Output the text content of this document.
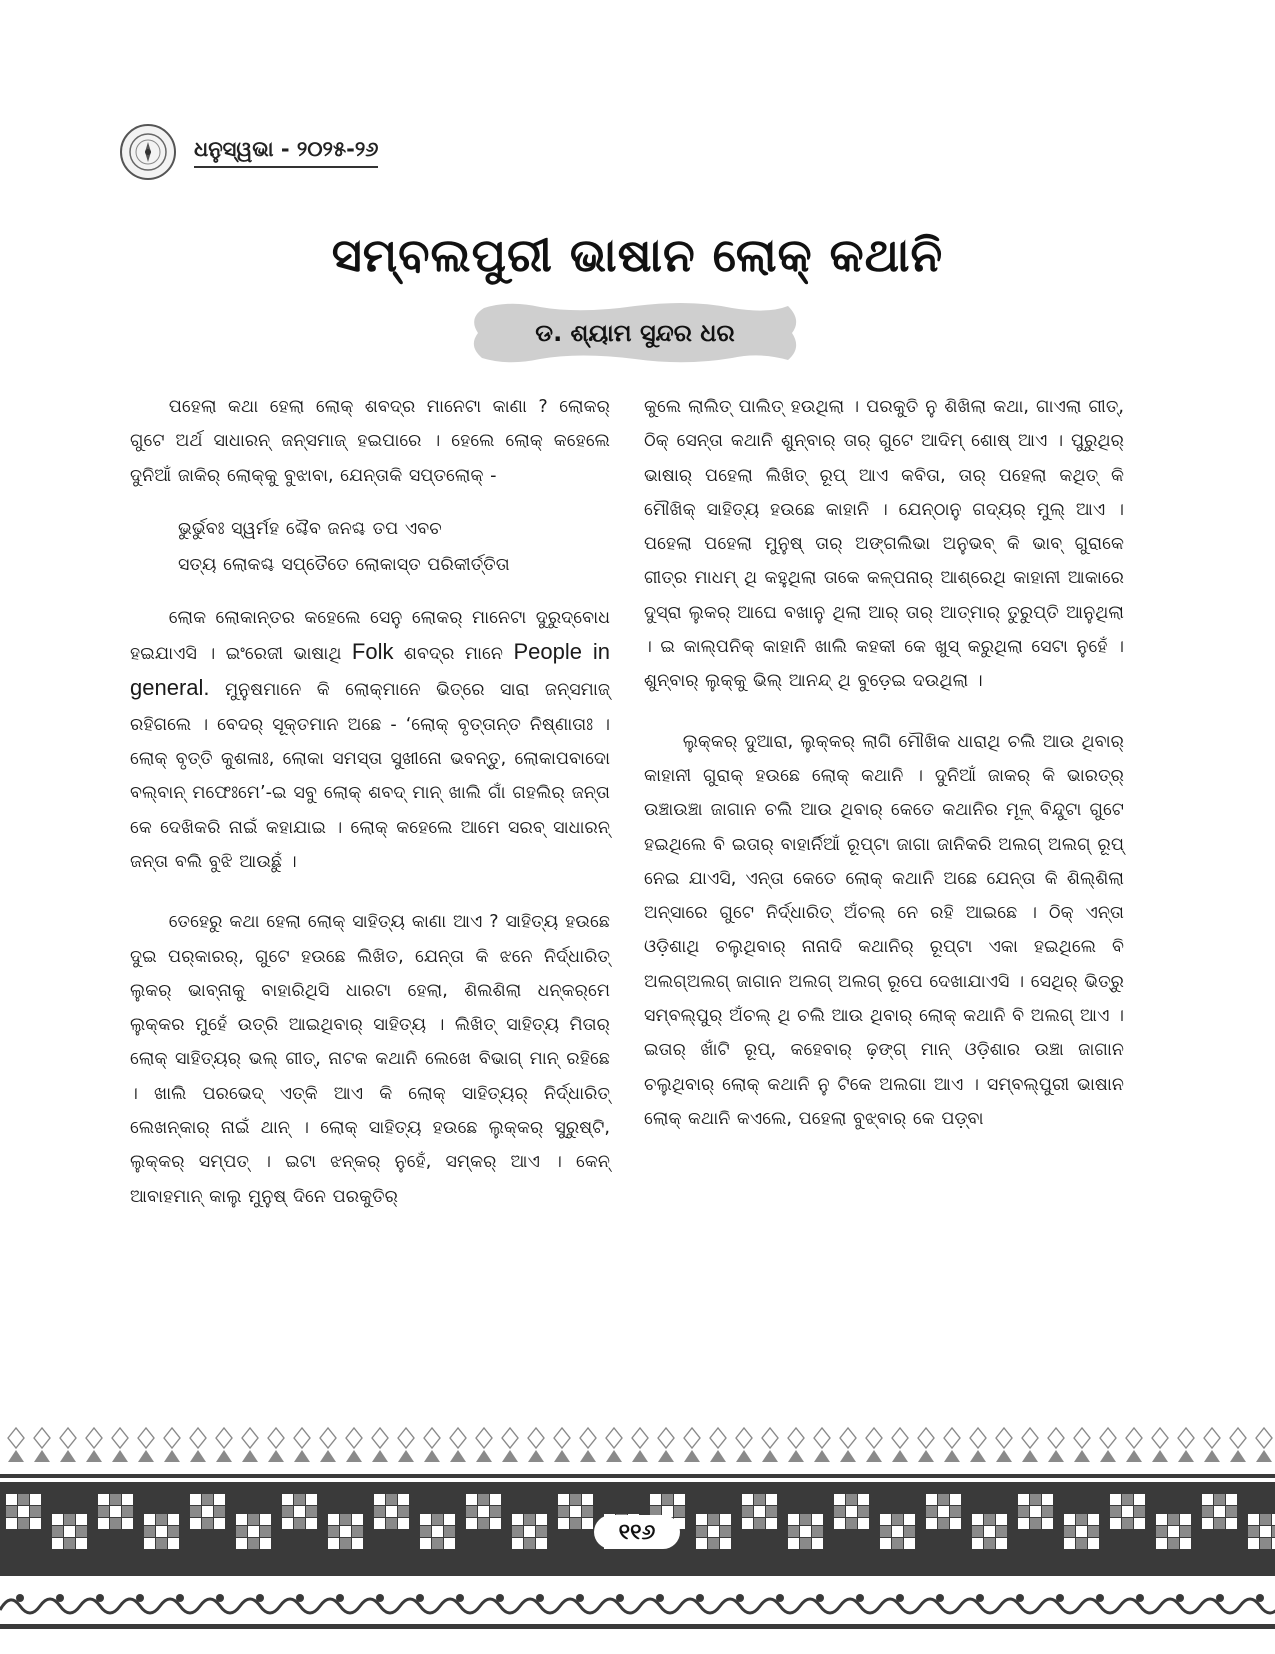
ଧନୁସ୍ୱଭା - ୨୦୨୫-୨୬
ସମ୍ବଲପୁରୀ ଭାଷାନ ଲୋକ୍ କଥାନି
ଡ. ଶ୍ୟାମ ସୁନ୍ଦର ଧର

ପହେଲା କଥା ହେଲା ଲୋକ୍ ଶବଦ୍‌ର ମାନେଟା କାଣା ? ଲୋକର୍ ଗୁଟେ ଅର୍ଥ ସାଧାରନ୍ ଜନ୍‌ସମାଜ୍ ହଇପାରେ । ହେଲେ ଲୋକ୍ କହେଲେ ଦୁନିଆଁ ଜାକିର୍ ଲୋକ୍‌କୁ ବୁଝାବା, ଯେନ୍ତାକି ସପ୍ତଲୋକ୍ -

ଭୁର୍ଭୁବଃ ସ୍ୱର୍ମହ ଶ୍ଚୈବ ଜନଶ୍ଚ ତପ ଏବଚ
ସତ୍ୟ ଲୋକଶ୍ଚ ସପ୍ତୈତେ ଲୋକାସ୍ତ ପରିକୀର୍ତ୍ତିତା

ଲୋକ ଲୋକାନ୍ତର କହେଲେ ସେନୁ ଲୋକର୍ ମାନେଟା ଦୁରୁଦ୍‌ବୋଧ ହଇଯାଏସି । ଇଂରେଜୀ ଭାଷାଥି Folk ଶବଦ୍‌ର ମାନେ People in general. ମୁନୁଷମାନେ କି ଲୋକ୍‌ମାନେ ଭିତ୍ରେ ସାରା ଜନ୍‌ସମାଜ୍ ରହିଗଲେ । ବେଦର୍ ସୂକ୍ତମାନ ଅଛେ - ‘ଲୋକ୍ ବୃତ୍ତାନ୍ତ ନିଷ୍ଣାତାଃ । ଲୋକ୍ ବୃତ୍ତି କୁଶଳାଃ, ଲୋକା ସମସ୍ତା ସୁଖୀନୋ ଭବନ୍ତୁ, ଲୋକାପବାଦୋ ବଲ୍‌ବାନ୍ ମଫେଃମେ’-ଇ ସବୁ ଲୋକ୍ ଶବଦ୍ ମାନ୍ ଖାଲି ଗାଁ ଗହଲିର୍ ଜନ୍ତା କେ ଦେଖିକରି ନାଇଁ କହାଯାଇ । ଲୋକ୍ କହେଲେ ଆମେ ସରବ୍ ସାଧାରନ୍ ଜନ୍ତା ବଲି ବୁଝି ଆଉଛୁଁ ।

ତେହେରୁ କଥା ହେଲା ଲୋକ୍ ସାହିତ୍ୟ କାଣା ଆଏ ? ସାହିତ୍ୟ ହଉଛେ ଦୁଇ ପର୍‌କାରର୍, ଗୁଟେ ହଉଛେ ଲିଖିତ, ଯେନ୍ତା କି ଝନେ ନିର୍ଦ୍ଧାରିତ୍ ଲୁକର୍ ଭାବ୍‌ନାକୁ ବାହାରିଥିସି ଧାରଟା ହେଲା, ଶିଲଶିଲା ଧନ୍‌କର୍‌ମେ ଲୁକ୍‌କର ମୁହେଁ ଉତ୍ରି ଆଇଥିବାର୍ ସାହିତ୍ୟ । ଲିଖିତ୍ ସାହିତ୍ୟ ମିତାର୍ ଲୋକ୍ ସାହିତ୍ୟର୍ ଭଲ୍ ଗୀତ୍, ନାଟକ କଥାନି ଲେଖେ ବିଭାଗ୍ ମାନ୍ ରହିଛେ । ଖାଲି ପରଭେଦ୍ ଏତ୍‌କି ଆଏ କି ଲୋକ୍ ସାହିତ୍ୟର୍ ନିର୍ଦ୍ଧାରିତ୍ ଲେଖନ୍‌କାର୍ ନାଇଁ ଥାନ୍ । ଲୋକ୍ ସାହିତ୍ୟ ହଉଛେ ଲୁକ୍‌କର୍ ସୁରୁଷ୍ଟି, ଲୁକ୍‌କର୍ ସମ୍ପତ୍ । ଇଟା ଝନ୍‌କର୍ ନୁହେଁ, ସମ୍‌କର୍ ଆଏ । କେନ୍ ଆବାହମାନ୍ କାଲୁ ମୁନୁଷ୍ ଦିନେ ପରକୁତିର୍

କୁଲେ ଲାଲିତ୍ ପାଲିତ୍ ହଉଥିଲା । ପରକୁତି ନୁ ଶିଖିଲା କଥା, ଗାଏଲା ଗୀତ୍, ଠିକ୍ ସେନ୍ତା କଥାନି ଶୁନ୍‌ବାର୍ ତାର୍ ଗୁଟେ ଆଦିମ୍ ଶୋଷ୍ ଆଏ । ପୁରୁଥିର୍ ଭାଷାର୍ ପହେଲା ଲିଖିତ୍ ରୂପ୍ ଆଏ କବିତା, ତାର୍ ପହେଲା କଥିତ୍ କି ମୌଖିକ୍ ସାହିତ୍ୟ ହଉଛେ କାହାନି । ଯେନ୍‌ଠାନୁ ଗଦ୍ୟର୍ ମୁଲ୍ ଆଏ । ପହେଲା ପହେଲା ମୁନୁଷ୍ ତାର୍ ଅଙ୍ଗଲିଭା ଅନୁଭବ୍ କି ଭାବ୍ ଗୁରାକେ ଗୀତ୍‌ର ମାଧମ୍ ଥି କହୁଥିଲା ତାକେ କଳ୍ପନାର୍ ଆଶ୍ରେଥି କାହାନୀ ଆକାରେ ଦୁସ୍‌ରା ଲୁକର୍ ଆଘେ ବଖାନୁ ଥିଲା ଆର୍ ତାର୍ ଆତ୍‌ମାର୍ ତୁରୁପ୍ତି ଆନୁଥିଲା । ଇ କାଲ୍‌ପନିକ୍ କାହାନି ଖାଲି କହକୀ କେ ଖୁସ୍ କରୁଥିଲା ସେଟା ନୁହେଁ । ଶୁନ୍‌ବାର୍ ଲୁକ୍‌କୁ ଭିଲ୍ ଆନନ୍ଦ୍ ଥି ବୁଡ଼େଇ ଦଉଥିଲା ।

ଲୁକ୍‌କର୍ ଦୁଆରା, ଲୁକ୍‌କର୍ ଲାଗି ମୌଖିକ ଧାରାଥି ଚଲି ଆଉ ଥିବାର୍ କାହାନୀ ଗୁରାକ୍ ହଉଛେ ଲୋକ୍ କଥାନି । ଦୁନିଆଁ ଜାକର୍ କି ଭାରତ୍‌ର୍ ଉଞ୍ଚାଉଞ୍ଚା ଜାଗାନ ଚଲି ଆଉ ଥିବାର୍ କେତେ କଥାନିର ମୂଳ୍ ବିନ୍ଦୁଟା ଗୁଟେ ହଇଥିଲେ ବି ଇତାର୍ ବାହାର୍ନିଆଁ ରୂପ୍‌ଟା ଜାଗା ଜାନିକରି ଅଲଗ୍ ଅଲଗ୍ ରୂପ୍ ନେଇ ଯାଏସି, ଏନ୍ତା କେତେ ଲୋକ୍ କଥାନି ଅଛେ ଯେନ୍ତା କି ଶିଲ୍‌ଶିଲା ଅନ୍‌ସାରେ ଗୁଟେ ନିର୍ଦ୍ଧାରିତ୍ ଅଁଚଲ୍ ନେ ରହି ଆଇଛେ । ଠିକ୍ ଏନ୍ତା ଓଡ଼ିଶାଥି ଚଲୁଥିବାର୍ ନାନାଦି କଥାନିର୍ ରୂପ୍‌ଟା ଏକା ହଇଥିଲେ ବି ଅଲଗ୍‌ଅଲଗ୍ ଜାଗାନ ଅଲଗ୍ ଅଲଗ୍ ରୂପେ ଦେଖାଯାଏସି । ସେଥିର୍ ଭିତ୍ରୁ ସମ୍ବଲ୍‌ପୁର୍ ଅଁଚଲ୍ ଥି ଚଲି ଆଉ ଥିବାର୍ ଲୋକ୍ କଥାନି ବି ଅଲଗ୍ ଆଏ । ଇତାର୍ ଖାଁଟି ରୂପ୍, କହେବାର୍ ଢ଼ଙ୍ଗ୍ ମାନ୍ ଓଡ଼ିଶାର ଉଞ୍ଚା ଜାଗାନ ଚଲୁଥିବାର୍ ଲୋକ୍ କଥାନି ନୁ ଟିକେ ଅଲଗା ଆଏ । ସମ୍ବଲ୍‌ପୁରୀ ଭାଷାନ ଲୋକ୍ କଥାନି କଏଲେ, ପହେଲା ବୁଝ୍‌ବାର୍ କେ ପଡ଼୍‌ବା

୧୧୬
